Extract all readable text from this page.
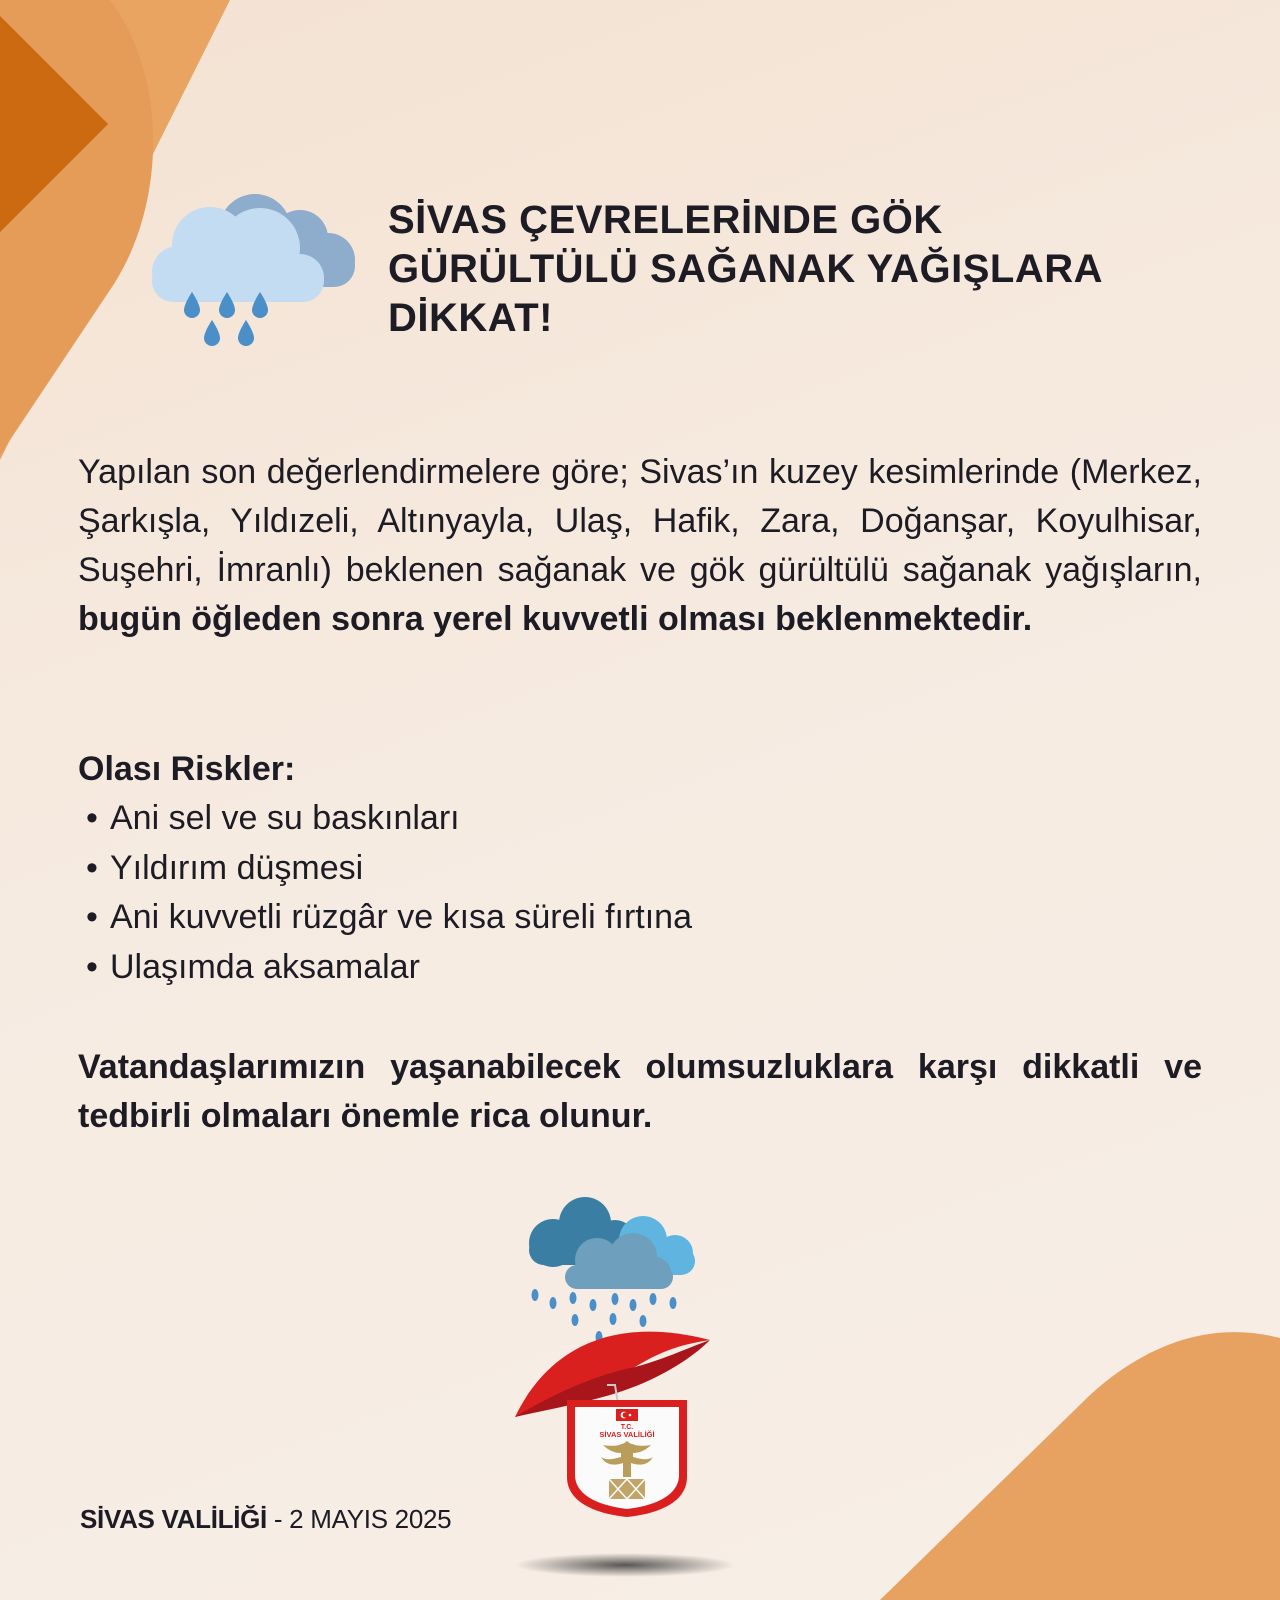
SİVAS ÇEVRELERİNDE GÖK
GÜRÜLTÜLÜ SAĞANAK YAĞIŞLARA
DİKKAT!

Yapılan son değerlendirmelere göre; Sivas’ın kuzey kesimlerinde (Merkez, Şarkışla, Yıldızeli, Altınyayla, Ulaş, Hafik, Zara, Doğanşar, Koyulhisar, Suşehri, İmranlı) beklenen sağanak ve gök gürültülü sağanak yağışların, bugün öğleden sonra yerel kuvvetli olması beklenmektedir.

Olası Riskler:
• Ani sel ve su baskınları
• Yıldırım düşmesi
• Ani kuvvetli rüzgâr ve kısa süreli fırtına
• Ulaşımda aksamalar

Vatandaşlarımızın yaşanabilecek olumsuzluklara karşı dikkatli ve tedbirli olmaları önemle rica olunur.

SİVAS VALİLİĞİ - 2 MAYIS 2025
T.C.
SİVAS VALİLİĞİ
